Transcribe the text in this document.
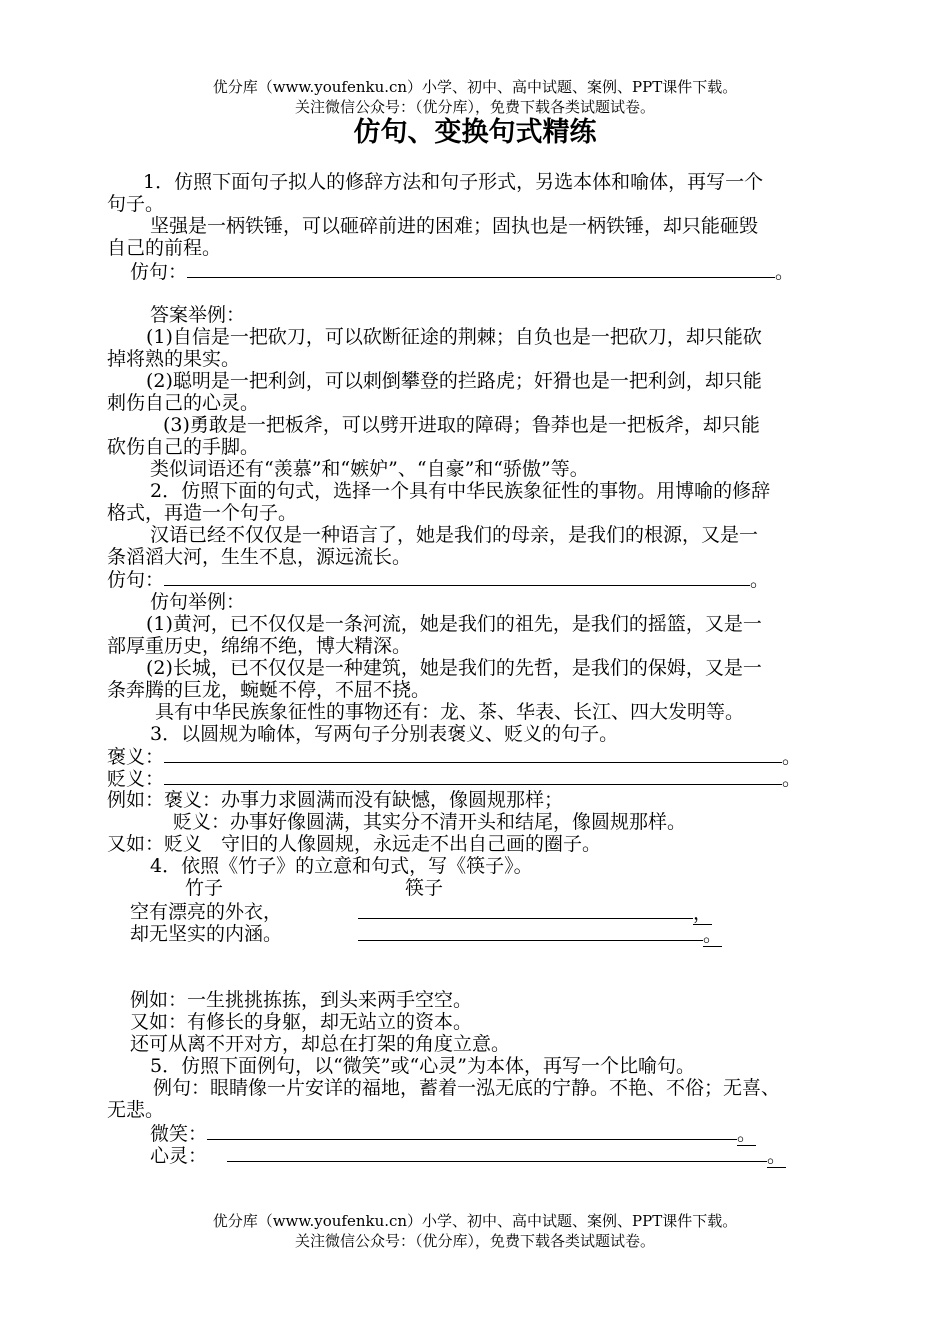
优分库（www.youfenku.cn）小学、初中、高中试题、案例、PPT课件下载。
关注微信公众号：（优分库），免费下载各类试题试卷。
仿句、变换句式精练
1．仿照下面句子拟人的修辞方法和句子形式，另选本体和喻体，再写一个
句子。
坚强是一柄铁锤，可以砸碎前进的困难；固执也是一柄铁锤，却只能砸毁
自己的前程。
仿句：	。
答案举例：
(1)自信是一把砍刀，可以砍断征途的荆棘；自负也是一把砍刀，却只能砍
掉将熟的果实。
(2)聪明是一把利剑，可以刺倒攀登的拦路虎；奸猾也是一把利剑，却只能
刺伤自己的心灵。
(3)勇敢是一把板斧，可以劈开进取的障碍；鲁莽也是一把板斧，却只能
砍伤自己的手脚。
类似词语还有“羡慕”和“嫉妒”、“自豪”和“骄傲”等。
2．仿照下面的句式，选择一个具有中华民族象征性的事物。用博喻的修辞
格式，再造一个句子。
汉语已经不仅仅是一种语言了，她是我们的母亲，是我们的根源，又是一
条滔滔大河，生生不息，源远流长。
仿句：	。
仿句举例：
(1)黄河，已不仅仅是一条河流，她是我们的祖先，是我们的摇篮，又是一
部厚重历史，绵绵不绝，博大精深。
(2)长城，已不仅仅是一种建筑，她是我们的先哲，是我们的保姆，又是一
条奔腾的巨龙，蜿蜒不停，不屈不挠。
具有中华民族象征性的事物还有：龙、茶、华表、长江、四大发明等。
3．以圆规为喻体，写两句子分别表褒义、贬义的句子。
褒义：	。
贬义：	。
例如：褒义：办事力求圆满而没有缺憾，像圆规那样；
贬义：办事好像圆满，其实分不清开头和结尾，像圆规那样。
又如：贬义　守旧的人像圆规，永远走不出自己画的圈子。
4．依照《竹子》的立意和句式，写《筷子》。
竹子	筷子
空有漂亮的外衣，	，
却无坚实的内涵。	。
例如：一生挑挑拣拣，到头来两手空空。
又如：有修长的身躯，却无站立的资本。
还可从离不开对方，却总在打架的角度立意。
5．仿照下面例句，以“微笑”或“心灵”为本体，再写一个比喻句。
例句：眼睛像一片安详的福地，蓄着一泓无底的宁静。不艳、不俗；无喜、
无悲。
微笑：	。
心灵：	。
优分库（www.youfenku.cn）小学、初中、高中试题、案例、PPT课件下载。
关注微信公众号：（优分库），免费下载各类试题试卷。
